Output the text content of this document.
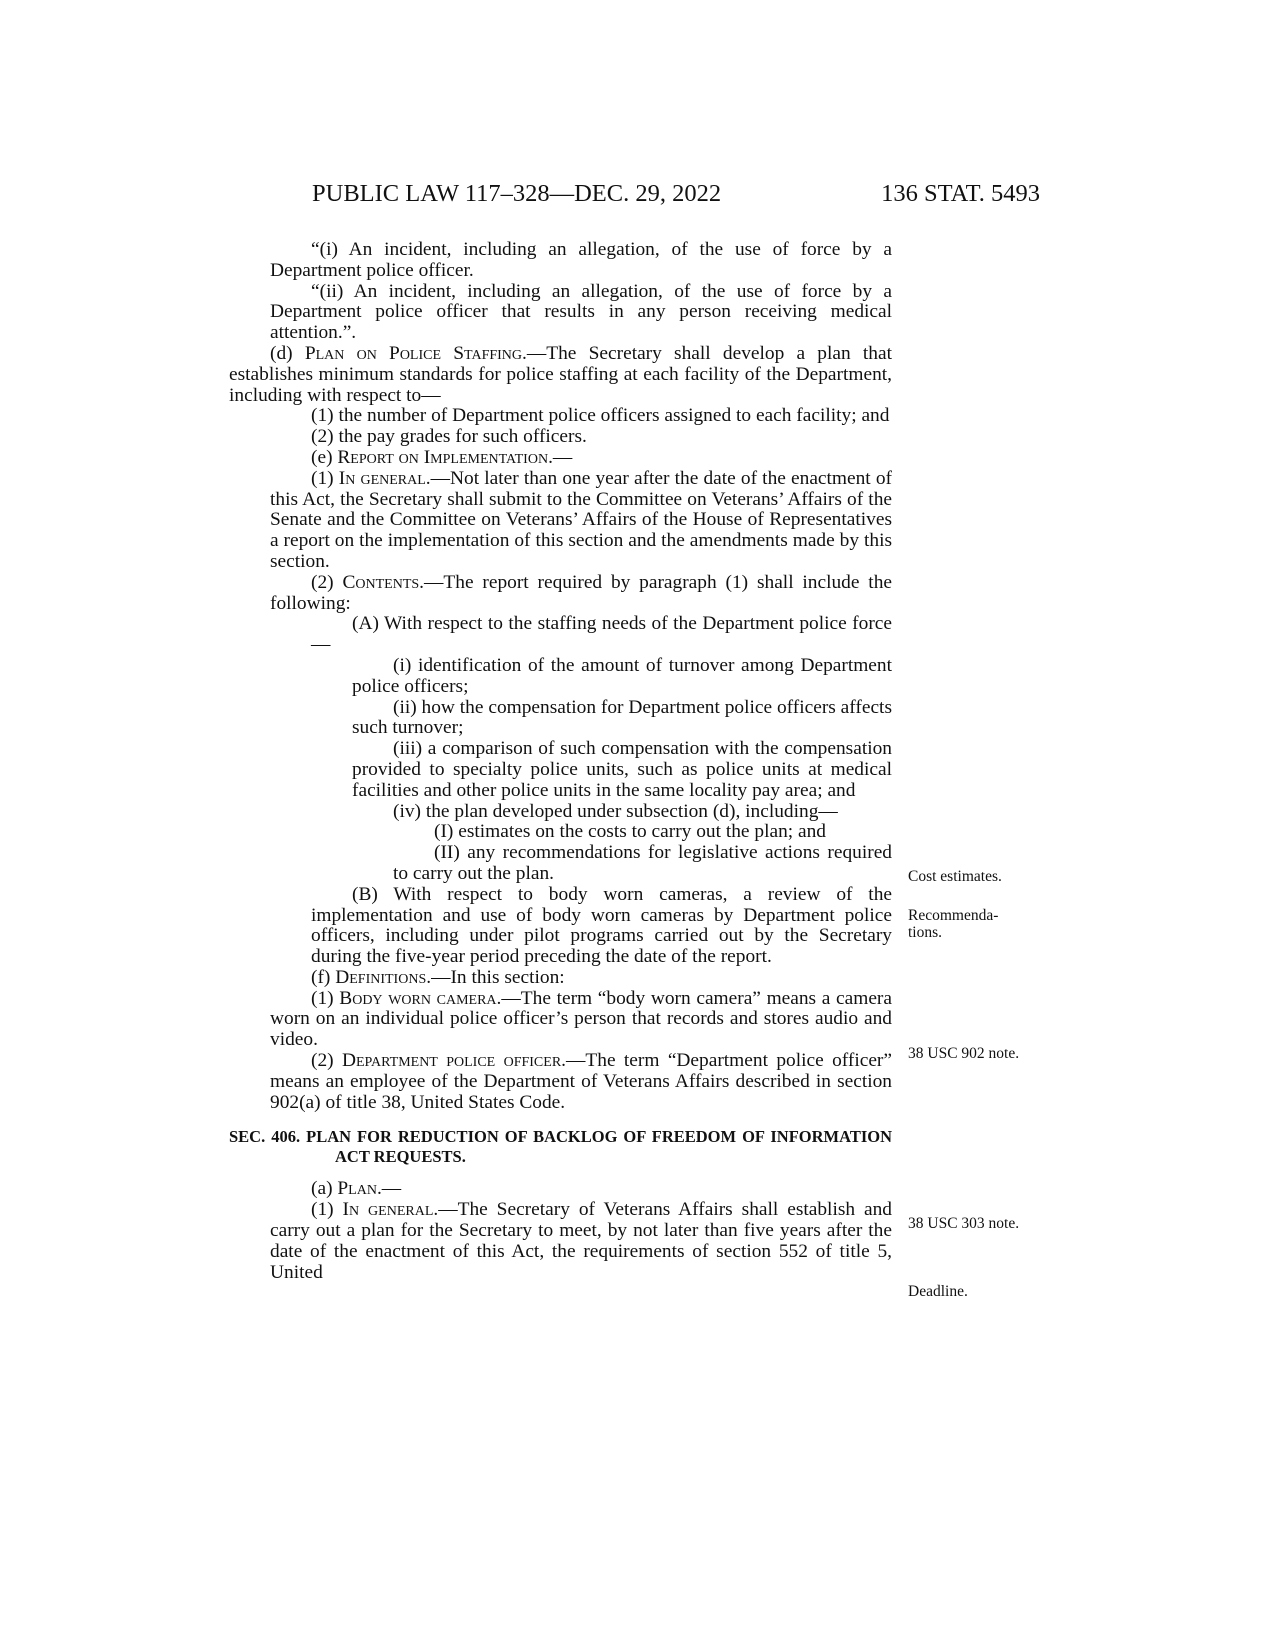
PUBLIC LAW 117–328—DEC. 29, 2022	136 STAT. 5493

“(i) An incident, including an allegation, of the use of force by a Department police officer.

“(ii) An incident, including an allegation, of the use of force by a Department police officer that results in any person receiving medical attention.”.

(d) Plan on Police Staffing.—The Secretary shall develop a plan that establishes minimum standards for police staffing at each facility of the Department, including with respect to—

(1) the number of Department police officers assigned to each facility; and

(2) the pay grades for such officers.

(e) Report on Implementation.—

(1) In general.—Not later than one year after the date of the enactment of this Act, the Secretary shall submit to the Committee on Veterans’ Affairs of the Senate and the Committee on Veterans’ Affairs of the House of Representatives a report on the implementation of this section and the amendments made by this section.

(2) Contents.—The report required by paragraph (1) shall include the following:

(A) With respect to the staffing needs of the Department police force—

(i) identification of the amount of turnover among Department police officers;

(ii) how the compensation for Department police officers affects such turnover;

(iii) a comparison of such compensation with the compensation provided to specialty police units, such as police units at medical facilities and other police units in the same locality pay area; and

(iv) the plan developed under subsection (d), including—

(I) estimates on the costs to carry out the plan; and

(II) any recommendations for legislative actions required to carry out the plan.

(B) With respect to body worn cameras, a review of the implementation and use of body worn cameras by Department police officers, including under pilot programs carried out by the Secretary during the five-year period preceding the date of the report.

(f) Definitions.—In this section:

(1) Body worn camera.—The term “body worn camera” means a camera worn on an individual police officer’s person that records and stores audio and video.

(2) Department police officer.—The term “Department police officer” means an employee of the Department of Veterans Affairs described in section 902(a) of title 38, United States Code.

SEC. 406. PLAN FOR REDUCTION OF BACKLOG OF FREEDOM OF INFORMATION ACT REQUESTS.

(a) Plan.—

(1) In general.—The Secretary of Veterans Affairs shall establish and carry out a plan for the Secretary to meet, by not later than five years after the date of the enactment of this Act, the requirements of section 552 of title 5, United

Cost estimates.
Recommenda-tions.
38 USC 902 note.
38 USC 303 note.
Deadline.
